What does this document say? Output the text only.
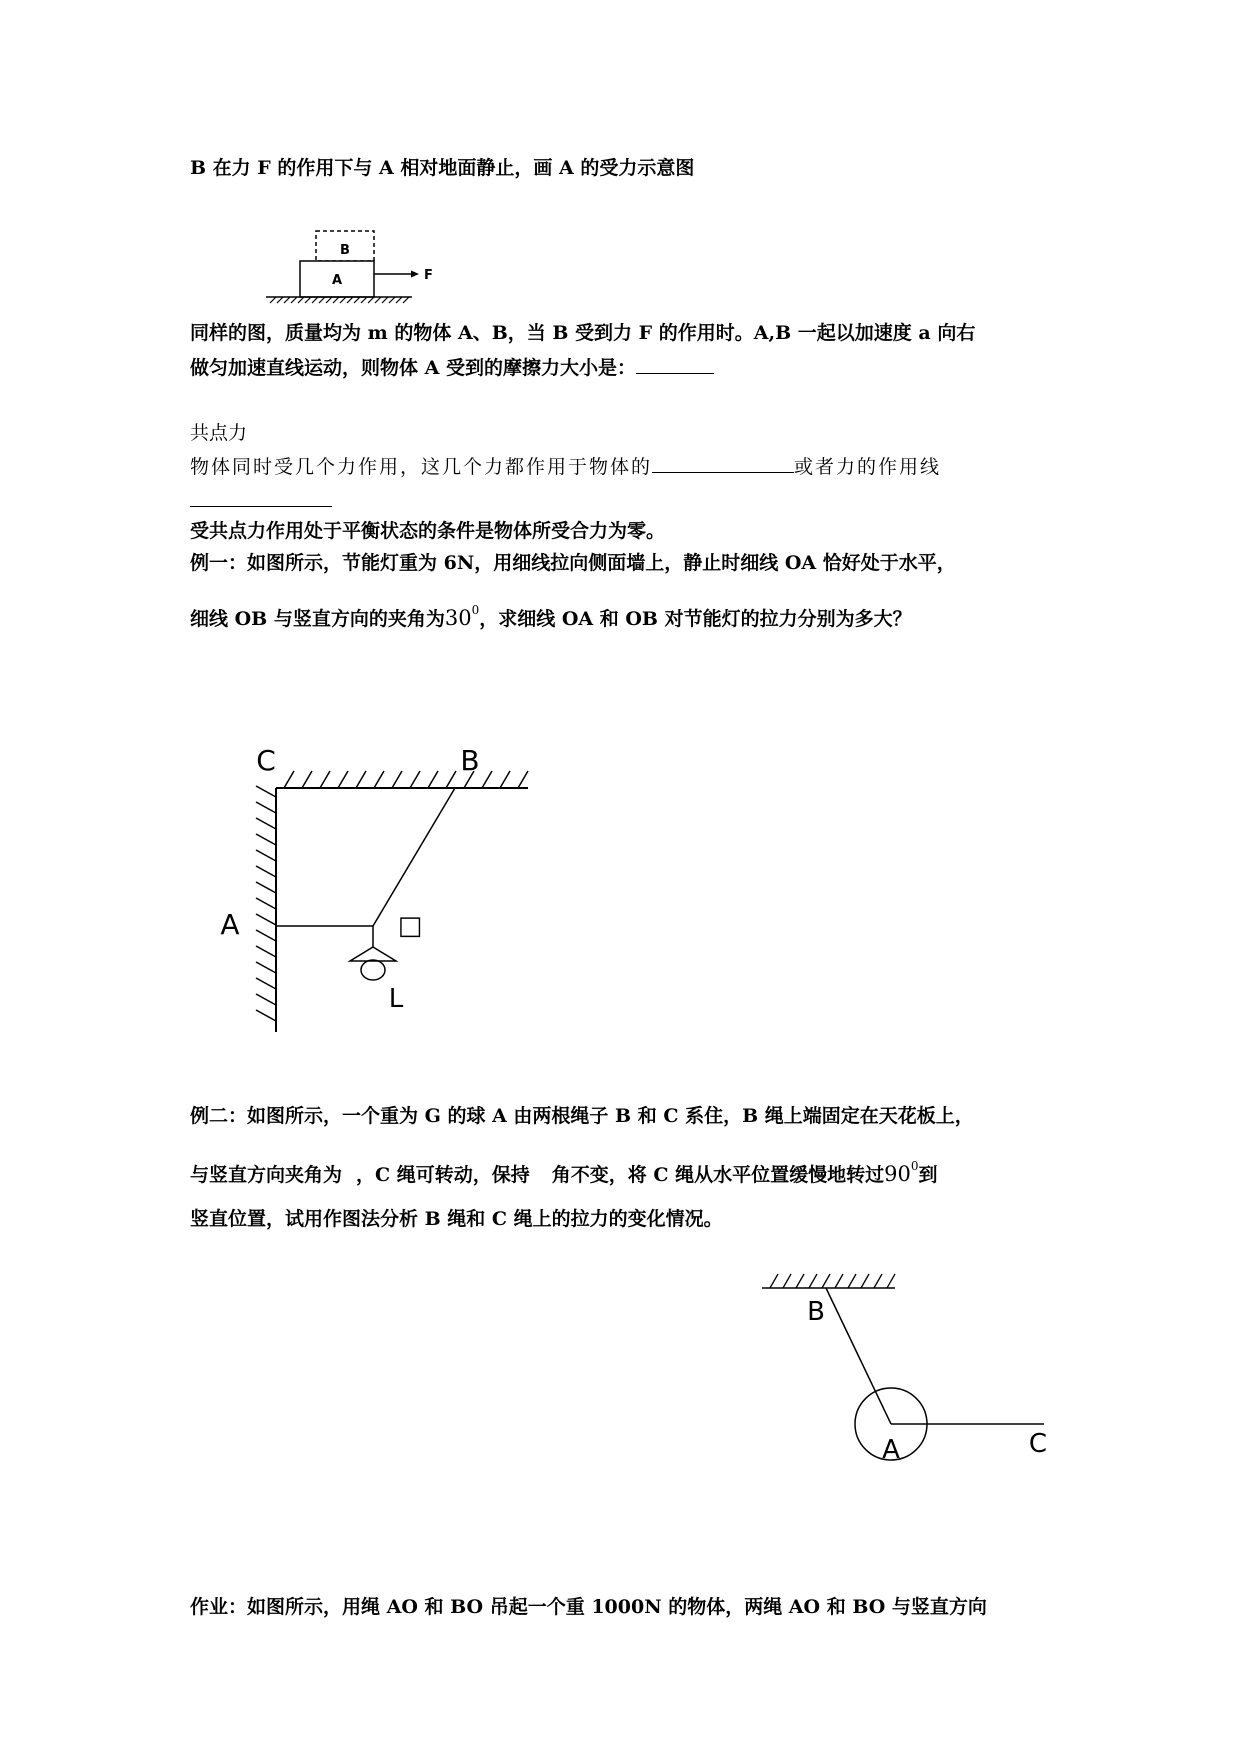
B 在力 F 的作用下与 A 相对地面静止，画 A 的受力示意图
同样的图，质量均为 m 的物体 A、B，当 B 受到力 F 的作用时。A,B 一起以加速度 a 向右
做匀加速直线运动，则物体 A 受到的摩擦力大小是：
共点力
物体同时受几个力作用，这几个力都作用于物体的	或者力的作用线
受共点力作用处于平衡状态的条件是物体所受合力为零。
例一：如图所示，节能灯重为 6N，用细线拉向侧面墙上，静止时细线 OA 恰好处于水平，
细线 OB 与竖直方向的夹角为$30^0$，求细线 OA 和 OB 对节能灯的拉力分别为多大？
例二：如图所示，一个重为 G 的球 A 由两根绳子 B 和 C 系住，B 绳上端固定在天花板上，
与竖直方向夹角为 ，C 绳可转动，保持 角不变，将 C 绳从水平位置缓慢地转过$90^0$到
竖直位置，试用作图法分析 B 绳和 C 绳上的拉力的变化情况。
作业：如图所示，用绳 AO 和 BO 吊起一个重 1000N 的物体，两绳 AO 和 BO 与竖直方向
B
A	F
C	B
A	□
L
B
A	C
